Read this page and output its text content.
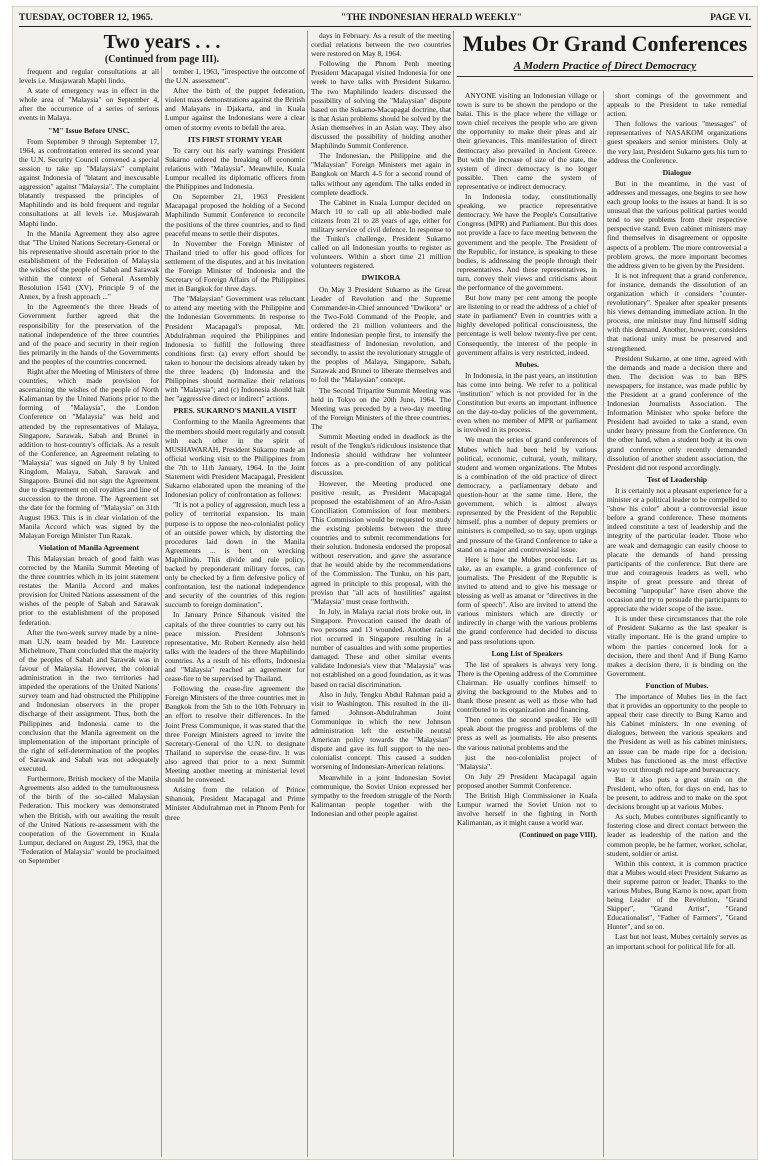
TUESDAY, OCTOBER 12, 1965.	"THE INDONESIAN HERALD WEEKLY"	PAGE VI.
Two years . . .
(Continued from page III).

frequent and regular consultations at all levels i.e. Musjawarah Maphi lindo.

A state of emergency was in effect in the whole area of "Malaysia" on September 4, after the occurrence of a series of serious events in Malaya.

"M" Issue Before UNSC.

From September 9 through September 17, 1964, as confrontation entered its second year the U.N. Security Council convened a special session to take up "Malaysia's" complaint against Indonesia of "blatant and inexcusable aggression" against "Malaysia". The complaint blatantly trespassed the principles of Maphilindo and its bold frequent and regular consultations at all levels i.e. Musjawarah Maphi lindo.

In the Manila Agreement they also agree that "The United Nations Secretary-General or his representative should ascertain prior to the establishment of the Federation of Malaysia the wishes of the people of Sabah and Sarawak within the context of General Assembly Resolution 1541 (XV), Principle 9 of the Annex, by a fresh approach ..."

In the Agreement's the three Heads of Government further agreed that the responsibility for the preservation of the national independence of the three countries and of the peace and security in their region lies primarily in the hands of the Governments and the peoples of the countries concerned.

Right after the Meeting of Ministers of three countries, which made provision for ascertaining the wishes of the people of North Kalimantan by the United Nations prior to the forming of "Malaysia", the London Conference on "Malaysia" was held and attended by the representatives of Malaya, Singapore, Sarawak, Sabah and Brunei in addition to host-country's officials. As a result of the Conference, an Agreement relating to "Malaysia" was signed on July 9 by United Kingdom, Malaya, Sabah, Sarawak and Singapore. Brunei did not sign the Agreement due to disagreement on oil royalties and line of succession to the throne. The Agreement set the date for the forming of "Malaysia" on 31th August 1963. This is in clear violation of the Manila Accord which was signed by the Malayan Foreign Minister Tun Razak.

Violation of Manila Agreement

This Malaysian breach of good faith was corrected by the Manila Summit Meeting of the three countries which in its joint statement restates the Manila Accord and makes provision for United Nations assessment of the wishes of the people of Sabah and Sarawak prior to the establishment of the proposed federation.

After the two-week survey made by a nine-man U.N. team headed by Mr. Laurence Michelmore, Thant concluded that the majority of the peoples of Sabah and Sarawak was in favour of Malaysia. However, the colonial administration in the two territories had impeded the operations of the United Nations' survey team and had obstructed the Philippine and Indonesian observers in the proper discharge of their assignment. Thus, both the Philippines and Indonesia came to the conclusion that the Manila agreement on the implementation of the important principle of the right of self-determination of the peoples of Sarawak and Sabah was not adequately executed.

Furthermore, British mockery of the Manila Agreements also added to the tumultuousness of the birth of the so-called Malaysian Federation. This mockery was demonstrated when the British, with out awaiting the result of the United Nations re-assessment with the cooperation of the Government in Kuala Lumpur, declared on August 29, 1963, that the "Federation of Malaysia" would be proclaimed on September

tember 1, 1963, "irrespective the outcome of the U.N. assessment".

After the birth of the puppet federation, violent mass demonstrations against the British and Malayans in Djakarta, and in Kuala Lumpur against the Indonesians were a clear omen of stormy events to befall the area.

ITS FIRST STORMY YEAR

To carry out his early warnings President Sukarno ordered the breaking off economic relations with "Malaysia". Meanwhile, Kuala Lumpur recalled its diplomatic officers from the Philippines and Indonesia.

On September 21, 1963 President Macapagal proposed the holding of a Second Maphilindo Summit Conference to reconcile the positions of the three countries, and to find peaceful means to settle their disputes.

In November the Foreign Minister of Thailand tried to offer his good offices for settlement of the disputes, and at his invitation the Foreign Minister of Indonesia and the Secretary of Foreign Affairs of the Philippines met in Bangkok for three days.

The "Malaysian" Government was reluctant to attend any meeting with the Philippine and the Indonesian Governments. In response to President Macapagal's proposal, Mr. Abdulrahman required the Philippines and Indonesia to fulfill the following three conditions first: (a) every effort should be taken to honour the decisions already taken by the three leaders; (b) Indonesia and the Philippines should normalize their relations with "Malaysia"; and (c) Indonesia should halt her "aggressive direct or indirect" actions.

PRES. SUKARNO'S MANILA VISIT

Conforming to the Manila Agreements that the members should meet regularly and consult with each other in the spirit of MUSHAWARAH, President Sukarno made an official working visit to the Philippines from the 7th to 11th January, 1964. In the Joint Statement with President Macapagal, President Sukarno elaborated upon the meaning of the Indonesian policy of confrontation as follows:

"It is not a policy of aggression, much less a policy of territorial expansion. Its main purpose is to oppose the neo-colonialist policy of an outside power which, by distorting the procedures laid down in the Manila Agreements ... is bent on wrecking Maphilindo. This divide and rule policy, backed by preponderant military forces, can only be checked by a firm defensive policy of confrontation, lest the national independence and security of the countries of this region succumb to foreign domination".

In January Prince Sihanouk visited the capitals of the three countries to carry out his peace mission. President Johnson's representative, Mr. Robert Kennedy also held talks with the leaders of the three Maphilindo countries. As a result of his efforts, Indonesia and "Malaysia" reached an agreement for cease-fire to be supervised by Thailand.

Following the cease-fire agreement the Foreign Ministers of the three countries met in Bangkok from the 5th to the 10th February in an effort to resolve their differences. In the Joint Press Communique, it was stated that the three Foreign Ministers agreed to invite the Secretary-General of the U.N. to designate Thailand to supervise the cease-fire. It was also agreed that prior to a next Summit Meeting another meeting at ministerial level should be convened.

Arising from the relation of Prince Sihanouk, President Macapagal and Prime Minister Abdulrahman met in Phnom Penh for three

days in February. As a result of the meeting cordial relations between the two countries were restored on May 8, 1964.

Following the Phnom Penh meeting President Macapagal visited Indonesia for one week to have talks with President Sukarno. The two Maphilindo leaders discussed the possibility of solving the "Malaysian" dispute based on the Sukarno-Macapagal doctrine, that is that Asian problems should be solved by the Asian themselves in an Asian way. They also discussed the possibility of holding another Maphilindo Summit Conference.

The Indonesian, the Philippine and the "Malaysian" Foreign Ministers met again in Bangkok on March 4-5 for a second round of talks without any agendum. The talks ended in complete deadlock.

The Cabinet in Kuala Lumpur decided on March 10 to call up all able-bodied male citizens from 21 to 28 years of age, either for military service of civil defence. In response to the Tunku's challenge, President Sukarno called on all Indonesian youths to register as volunteers. Within a short time 21 million volunteers registered.

DWIKORA

On May 3 President Sukarno as the Great Leader of Revolution and the Supreme Commander-in-Chief announced "Dwikora" or the Two-Fold Command of the People, and ordered the 21 million volunteers and the entire Indonesian people first, to intensify the steadfastness of Indonesian revolution, and secondly, to assist the revolutionary struggle of the peoples of Malaya, Singapore, Sabah, Sarawak and Brunei to liberate themselves and to foil the "Malaysian" concept.

The Second Tripartite Summit Meeting was held in Tokyo on the 20th June, 1964. The Meeting was preceded by a two-day meeting of the Foreign Ministers of the three countries. The

Summit Meeting ended in deadlock as the result of the Tengku's ridiculous insistence that Indonesia should withdraw her volunteer forces as a pre-condition of any political discussion.

However, the Meeting produced one positive result, as President Macapagal proposed the establishment of an Afro-Asian Conciliation Commission of four members. This Commission would be requested to study the existing problems between the three countries and to submit recommendations for their solution. Indonesia endorsed the proposal without reservation, and gave the assurance that he would abide by the recommendations of the Commission. The Tunku, on his part, agreed in principle to this proposal, with the proviso that "all acts of hostilities" against "Malaysia" must cease forthwith.

In July, in Malaya racial riots broke out, in Singapore. Provocation caused the death of two persons and 13 wounded. Another racial riot occurred in Singapore resulting in a number of casualties and with some properties damaged. These and other similar events validate Indonesia's view that "Malaysia" was not established on a good foundation, as it was based on racial discrimination.

Also in July, Tengku Abdul Rahman paid a visit to Washington. This resulted in the ill-famed Johnson-Abdulrahman Joint Communique in which the new Johnson administration left the erstwhile neutral American policy towards the "Malaysian" dispute and gave its full support to the neo-colonialist concept. This caused a sudden worsening of Indonesian-American relations.

Meanwhile in a joint Indonesian Soviet communique, the Soviet Union expressed her sympathy to the freedom struggle of the North Kalimantan people together with the Indonesian and other people against

Mubes Or Grand Conferences
A Modern Practice of Direct Democracy

ANYONE visiting an Indonesian village or town is sure to be shown the pendopo or the balai. This is the place where the village or town chief receives the people who are given the opportunity to make their pleas and air their grievances. This manifestation of direct democracy also prevailed in Ancient Greece. But with the increase of size of the state, the system of direct democracy is no longer possible. Then came the system of representative or indirect democracy.

In Indonesia today, constitutionally speaking, we practice representative democracy. We have the People's Consultative Congress (MPR) and Parliament. But this does not provide a face to face meeting between the government and the people. The President of the Republic, for instance, is speaking to these bodies, is addressing the people through their representatives. And these representatives, in turn, convey their views and criticisms about the performance of the government.

But how many per cent among the people are listening to or read the address of a chief of state in parliament? Even in countries with a highly developed political consciousness, the percentage is well below twenty-five per cent. Consequently, the interest of the people in government affairs is very restricted, indeed.

Mubes.

In Indonesia, in the past years, an institution has come into being. We refer to a political "institution" which is not provided for in the Constitution but exerts an important influence on the day-to-day policies of the government, even when no member of MPR or parliament is involved in its process.

We mean the series of grand conferences of Mubes which had been held by various political, economic, cultural, youth, military, student and women organizations. The Mubes is a combination of the old practice of direct democracy, a parliamentary debate and question-hour at the same time. Here, the government, which is almost always represented by the President of the Republic himself, plus a number of deputy premiers or ministers is compelled, so to say, upon urgings and pressure of the Grand Conference to take a stand on a major and controversial issue.

Here is how the Mubes proceeds. Let us take, as an example, a grand conference of journalists. The President of the Republic is invited to attend and to give his message or blessing as well as amanat or "directives in the form of speech". Also are invited to attend the various ministers which are directly or indirectly in charge with the various problems the grand conference had decided to discuss and pass resolutions upon.

Long List of Speakers

The list of speakers is always very long. There is the Opening address of the Committee Chairman. He usually confines himself to giving the background to the Mubes and to thank those present as well as those who had contributed to its organization and financing.

Then comes the second speaker. He will speak about the progress and problems of the press as well as journalists. He also presents the various national problems and the

just the neo-colonialist project of "Malaysia".

On July 29 President Macapagal again proposed another Summit Conference.

The British High Commissioner in Kuala Lumpur warned the Soviet Union not to involve herself in the fighting in North Kalimantan, as it might cause a world war.

(Continued on page VIII).

short comings of the government and appeals to the President to take remedial action.

Then follows the various "messages" of representatives of NASAKOM organizations guest speakers and senior ministers. Only at the very last, President Sukarno gets his turn to address the Conference.

Dialogue

But in the meantime, in the vast of addresses and messages, one begins to see how each group looks to the issues at hand. It is so unusual that the various political parties would tend to see problems from their respective perspective stand. Even cabinet ministers may find themselves in disagreement or opposite aspects of a problem. The more controversial a problem grows, the more important becomes the address given to be given by the President.

It is not infrequent that a grand conference, for instance, demands the dissolution of an organization which it considers "counter-revolutionary". Speaker after speaker presents his views demanding immediate action. In the process, one minister may find himself siding with this demand. Another, however, considers that national unity must be preserved and strengthened.

President Sukarno, at one time, agreed with the demands and made a decision there and then. The decision was to ban BPS newspapers, for instance, was made public by the President at a grand conference of the Indonesian Journalists Association. The Information Minister who spoke before the President had avoided to take a stand, even under heavy pressure from the Conference. On the other hand, when a student body at its own grand conference only recently demanded dissolution of another student association, the President did not respond accordingly.

Test of Leadership

It is certainly not a pleasant experience for a minister or a political leader to be compelled to "show his color" about a controversial issue before a grand conference. These moments indeed constitute a test of leadership and the integrity of the particular leader. Those who are weak and demagogic can easily choose to placate the demands of hand pressing participants of the conference. But there are true and courageous leaders as well, who inspite of great pressure and threat of becoming "unpopular" have risen above the occasion and try to persuade the participants to appreciate the wider scope of the issue.

It is under these circumstances that the role of President Sukarno as the last speaker is vitally important. He is the grand umpire to whom the parties concerned look for a decision, there and then! And if Bung Karno makes a decision there, it is binding on the Government.

Function of Mubes.

The importance of Mubes lies in the fact that it provides an opportunity to the people to appeal their case directly to Bung Karno and his Cabinet ministers. In one evening of dialogues, between the various speakers and the President as well as his cabinet ministers, an issue can be made ripe for a decision. Mubes has functioned as the most effective way to cut through red tape and bureaucracy.

But it also puts a great strain on the President, who often, for days on end, has to be present, to address and to make on the spot decisions brought up at various Mubes.

As such, Mubes contributes significantly to fostering close and direct contact between the leader as leadership of the nation and the common people, be he farmer, worker, scholar, student, soldier or artist.

Within this context, it is common practice that a Mubes would elect President Sukarno as their supreme patron or leader. Thanks to the various Mubes, Bung Karno is now, apart from being Leader of the Revolution, "Grand Skipper", "Grand Artist", "Grand Educationalist", "Father of Farmers", "Grand Hunter", and so on.

Last but not least, Mubes certainly serves as an important school for political life for all.
